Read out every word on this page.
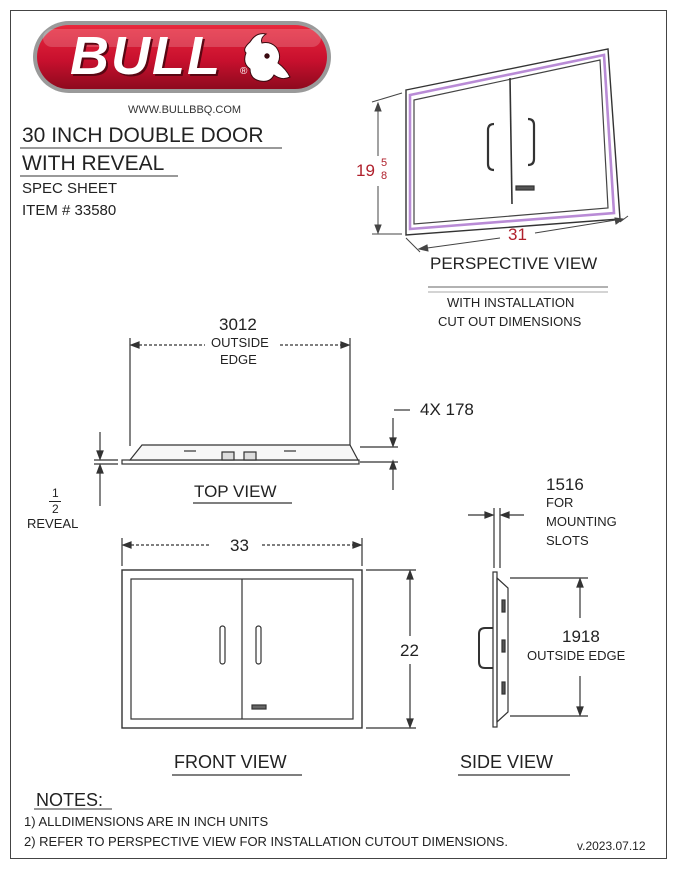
BULL ®
WWW.BULLBBQ.COM
30 INCH DOUBLE DOOR
WITH REVEAL
SPEC SHEET
ITEM # 33580
19 5
8
31
PERSPECTIVE VIEW
WITH INSTALLATION
CUT OUT DIMENSIONS
3012
OUTSIDE
EDGE
4X 178
1
2
REVEAL
TOP VIEW
33
22
FRONT VIEW
1516
FOR
MOUNTING
SLOTS
1918
OUTSIDE EDGE
SIDE VIEW
NOTES:
1) ALLDIMENSIONS ARE IN INCH UNITS
2) REFER TO PERSPECTIVE VIEW FOR INSTALLATION CUTOUT DIMENSIONS.	v.2023.07.12
